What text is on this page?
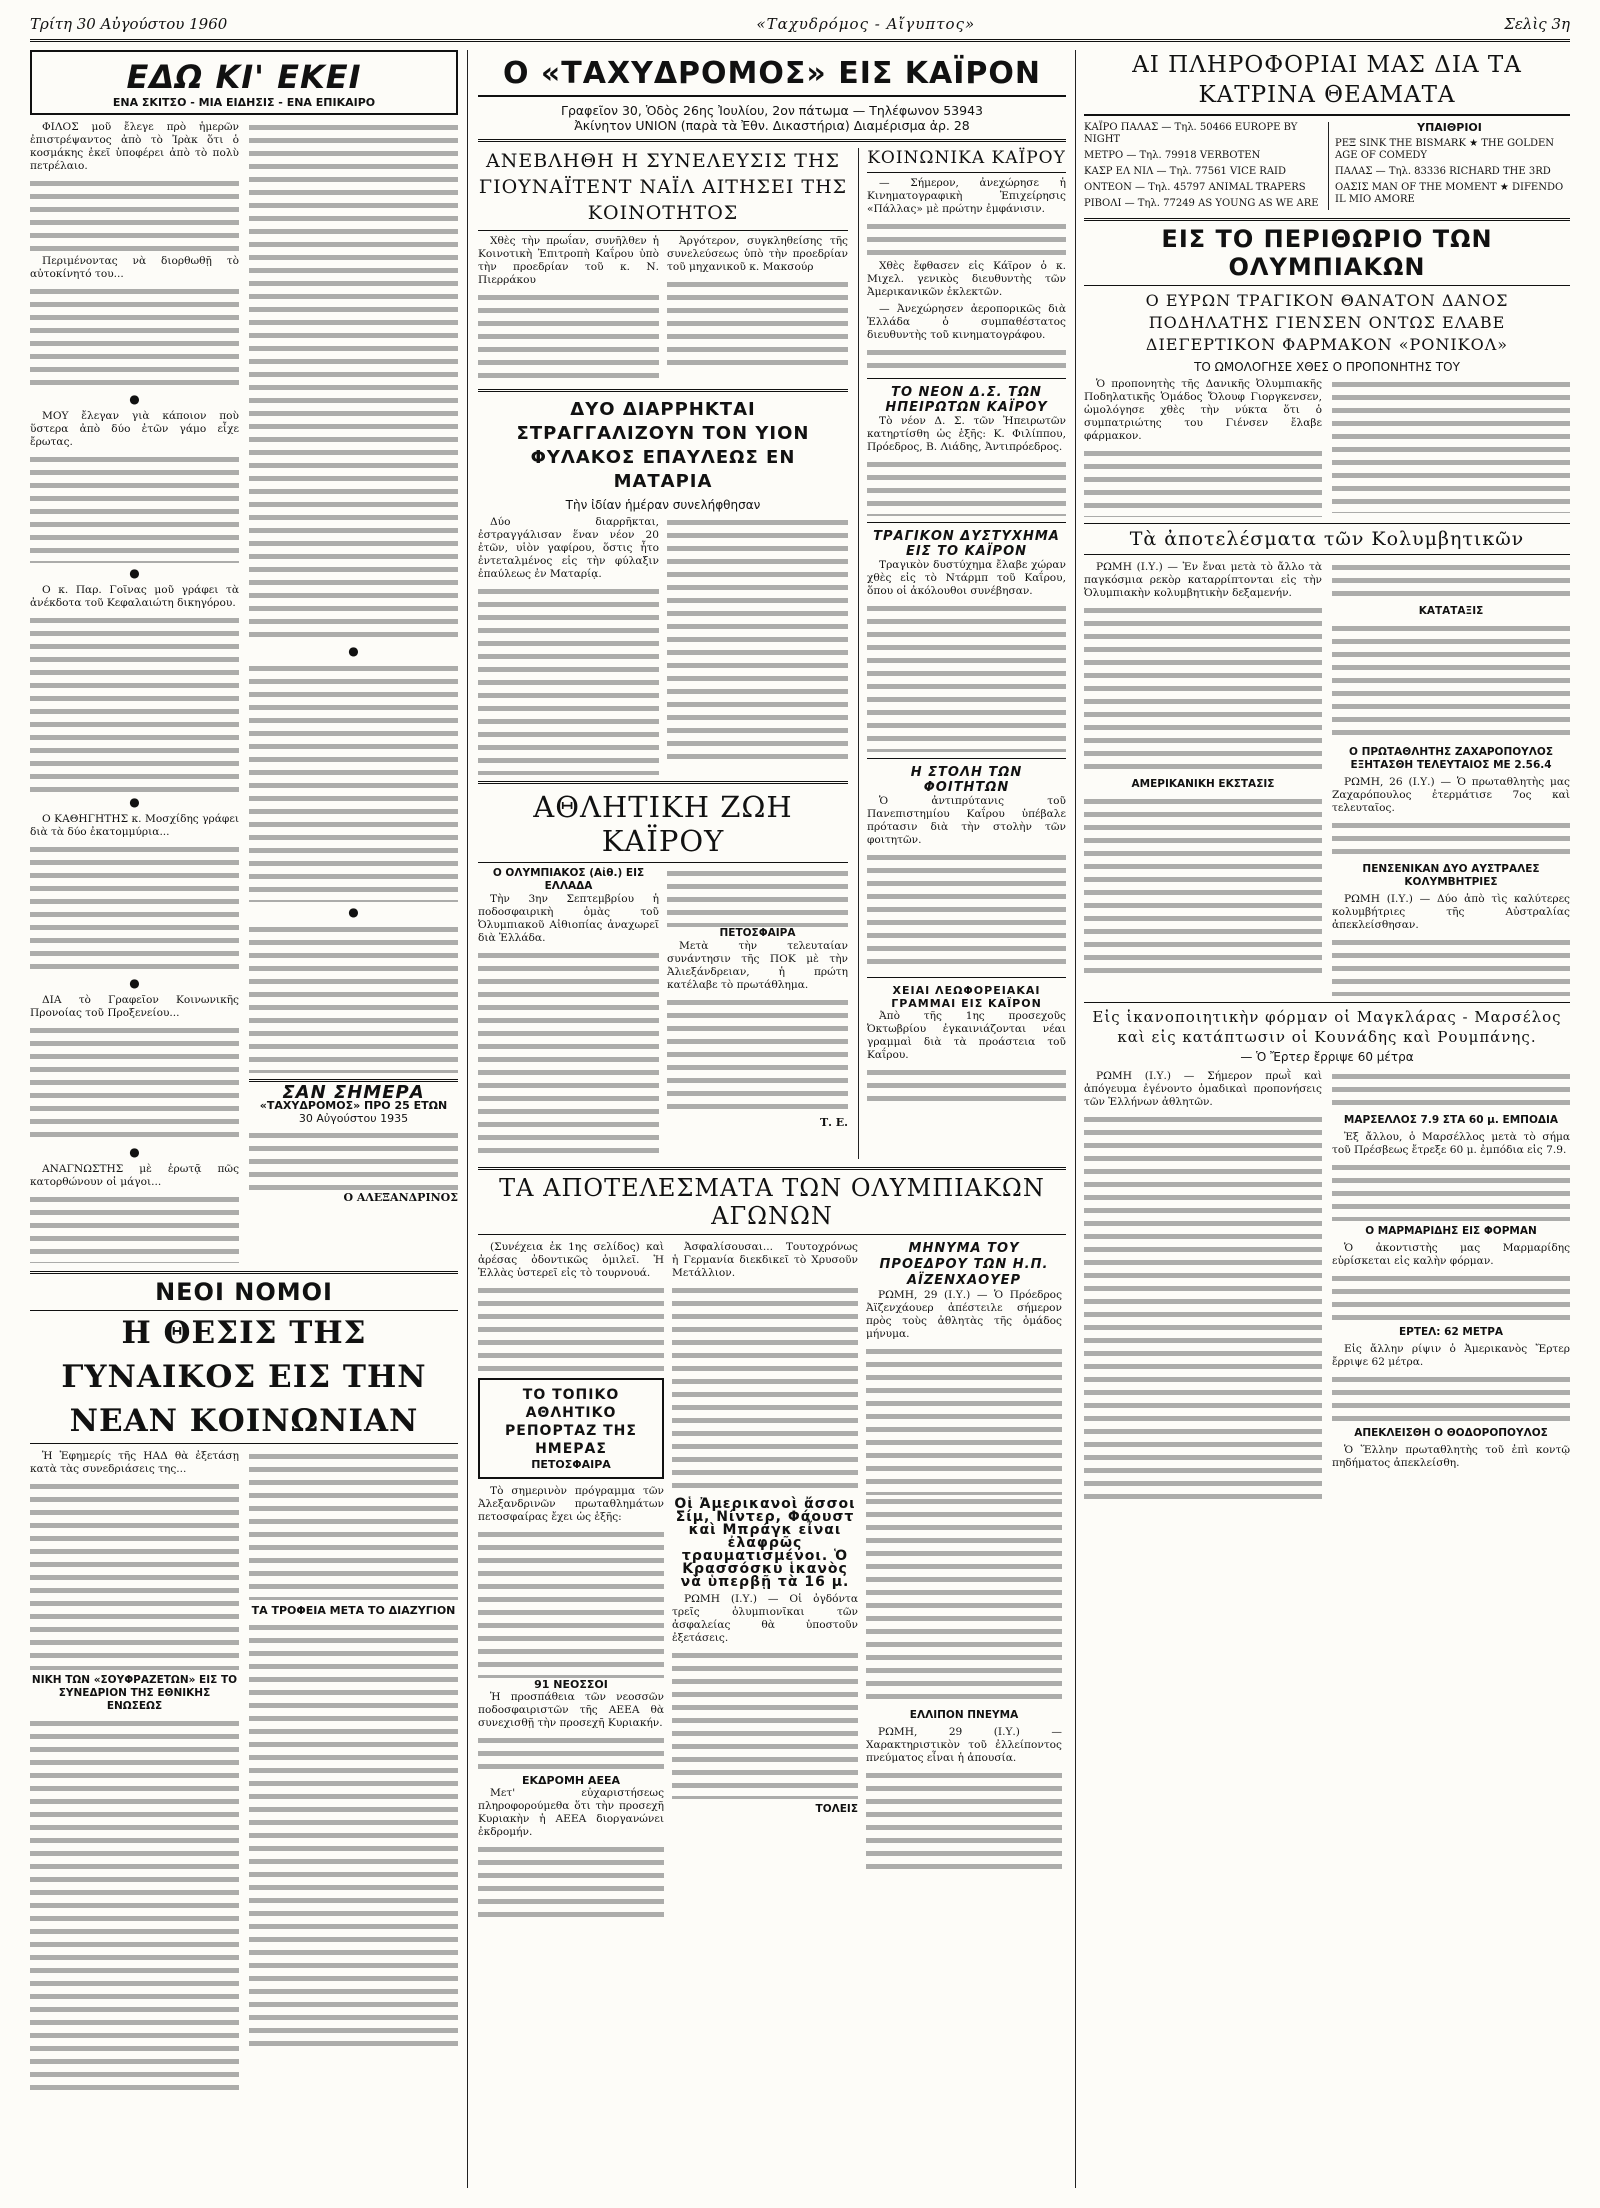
Τρίτη 30 Αὐγούστου 1960	«Ταχυδρόμος - Αἴγυπτος»	Σελὶς 3η
ΕΔΩ ΚΙ' ΕΚΕΙ
ΕΝΑ ΣΚΙΤΣΟ - ΜΙΑ ΕΙΔΗΣΙΣ - ΕΝΑ ΕΠΙΚΑΙΡΟ

ΦΙΛΟΣ μοῦ ἔλεγε πρὸ ἡμερῶν ἐπιστρέψαντος ἀπὸ τὸ Ἰρὰκ ὅτι ὁ κοσμάκης ἐκεῖ ὑποφέρει ἀπὸ τὸ πολὺ πετρέλαιο.

Περιμένοντας νὰ διορθωθῇ τὸ αὐτοκίνητό του...

●

ΜΟΥ ἔλεγαν γιὰ κάποιον ποὺ ὕστερα ἀπὸ δύο ἐτῶν γάμο εἶχε ἔρωτας.

●

Ο κ. Παρ. Γοῖνας μοῦ γράφει τὰ ἀνέκδοτα τοῦ Κεφαλαιώτη δικηγόρου.

●

Ο ΚΑΘΗΓΗΤΗΣ κ. Μοσχίδης γράφει διὰ τὰ δύο ἐκατομμύρια...

●

ΔΙΑ τὸ Γραφεῖον Κοινωνικῆς Προνοίας τοῦ Προξενείου...

●

ΑΝΑΓΝΩΣΤΗΣ μὲ ἐρωτᾷ πῶς κατορθώνουν οἱ μάγοι...

●
●
ΣΑΝ ΣΗΜΕΡΑ
«ΤΑΧΥΔΡΟΜΟΣ» ΠΡΟ 25 ΕΤΩΝ
30 Αὐγούστου 1935
Ο ΑΛΕΞΑΝΔΡΙΝΟΣ
ΝΕΟΙ ΝΟΜΟΙ
Η ΘΕΣΙΣ ΤΗΣ ΓΥΝΑΙΚΟΣ ΕΙΣ ΤΗΝ ΝΕΑΝ ΚΟΙΝΩΝΙΑΝ

Ἡ Ἐφημερίς τῆς ΗΑΔ θὰ ἐξετάσῃ κατὰ τὰς συνεδριάσεις της...

ΝΙΚΗ ΤΩΝ «ΣΟΥΦΡΑΖΕΤΩΝ» ΕΙΣ ΤΟ ΣΥΝΕΔΡΙΟΝ ΤΗΣ ΕΘΝΙΚΗΣ ΕΝΩΣΕΩΣ
ΤΑ ΤΡΟΦΕΙΑ ΜΕΤΑ ΤΟ ΔΙΑΖΥΓΙΟΝ
Ο «ΤΑΧΥΔΡΟΜΟΣ» ΕΙΣ ΚΑΪΡΟΝ
Γραφεῖον 30, Ὁδὸς 26ης Ἰουλίου, 2ον πάτωμα — Τηλέφωνον 53943
Ἀκίνητον UNION (παρὰ τὰ Ἐθν. Δικαστήρια) Διαμέρισμα ἀρ. 28
ΑΝΕΒΛΗΘΗ Η ΣΥΝΕΛΕΥΣΙΣ ΤΗΣ ΓΙΟΥΝΑΪΤΕΝΤ ΝΑΪΛ ΑΙΤΗΣΕΙ ΤΗΣ ΚΟΙΝΟΤΗΤΟΣ

Χθὲς τὴν πρωΐαν, συνῆλθεν ἡ Κοινοτικὴ Ἐπιτροπὴ Καΐρου ὑπὸ τὴν προεδρίαν τοῦ κ. Ν. Πιερράκου

Ἀργότερον, συγκληθείσης τῆς συνελεύσεως ὑπὸ τὴν προεδρίαν τοῦ μηχανικοῦ κ. Μακσούρ

ΔΥΟ ΔΙΑΡΡΗΚΤΑΙ ΣΤΡΑΓΓΑΛΙΖΟΥΝ ΤΟΝ ΥΙΟΝ ΦΥΛΑΚΟΣ ΕΠΑΥΛΕΩΣ ΕΝ ΜΑΤΑΡΙΑ
Τὴν ἰδίαν ἡμέραν συνελήφθησαν

Δύο διαρρῆκται, ἐστραγγάλισαν ἕναν νέον 20 ἐτῶν, υἱὸν γαφίρου, ὅστις ἦτο ἐντεταλμένος εἰς τὴν φύλαξιν ἐπαύλεως ἐν Ματαρίᾳ.

ΑΘΛΗΤΙΚΗ ΖΩΗ ΚΑΪΡΟΥ
Ο ΟΛΥΜΠΙΑΚΟΣ (Αἰθ.) ΕΙΣ ΕΛΛΑΔΑ

Τὴν 3ην Σεπτεμβρίου ἡ ποδοσφαιρικὴ ὁμὰς τοῦ Ὀλυμπιακοῦ Αἰθιοπίας ἀναχωρεῖ διὰ Ἑλλάδα.	ΠΕΤΟΣΦΑΙΡΑ

Μετὰ τὴν τελευταίαν συνάντησιν τῆς ΠΟΚ μὲ τὴν Ἀλιεξάνδρειαν, ἡ πρώτη κατέλαβε τὸ πρωτάθλημα.

Τ. Ε.
ΚΟΙΝΩΝΙΚΑ ΚΑΪΡΟΥ

— Σήμερον, ἀνεχώρησε ἡ Κινηματογραφικὴ Ἐπιχείρησις «Πάλλας» μὲ πρώτην ἐμφάνισιν.

Χθὲς ἔφθασεν εἰς Κάϊρον ὁ κ. Μιχελ. γενικὸς διευθυντὴς τῶν Ἀμερικανικῶν ἐκλεκτῶν.

— Ἀνεχώρησεν ἀεροπορικῶς διὰ Ἑλλάδα ὁ συμπαθέστατος διευθυντὴς τοῦ κινηματογράφου.

ΤΟ ΝΕΟΝ Δ.Σ. ΤΩΝ ΗΠΕΙΡΩΤΩΝ ΚΑΪΡΟΥ

Τὸ νέον Δ. Σ. τῶν Ἠπειρωτῶν κατηρτίσθη ὡς ἑξῆς: Κ. Φιλίππου, Πρόεδρος, Β. Λιάδης, Ἀντιπρόεδρος.

ΤΡΑΓΙΚΟΝ ΔΥΣΤΥΧΗΜΑ ΕΙΣ ΤΟ ΚΑΪΡΟΝ

Τραγικὸν δυστύχημα ἔλαβε χώραν χθὲς εἰς τὸ Ντάρμπ τοῦ Καΐρου, ὅπου οἱ ἀκόλουθοι συνέβησαν.

Η ΣΤΟΛΗ ΤΩΝ ΦΟΙΤΗΤΩΝ

Ὁ ἀντιπρύτανις τοῦ Πανεπιστημίου Καΐρου ὑπέβαλε πρότασιν διὰ τὴν στολὴν τῶν φοιτητῶν.

ΧΕΙΑΙ ΛΕΩΦΟΡΕΙΑΚΑΙ ΓΡΑΜΜΑΙ ΕΙΣ ΚΑΪΡΟΝ

Ἀπὸ τῆς 1ης προσεχοῦς Ὀκτωβρίου ἐγκαινιάζονται νέαι γραμμαὶ διὰ τὰ προάστεια τοῦ Καΐρου.

ΤΑ ΑΠΟΤΕΛΕΣΜΑΤΑ ΤΩΝ ΟΛΥΜΠΙΑΚΩΝ ΑΓΩΝΩΝ

(Συνέχεια ἐκ 1ης σελίδος) καὶ ἀρέσας ὀδοντικῶς ὁμιλεῖ. Ἡ Ἑλλὰς ὑστερεῖ εἰς τὸ τουρνουά.

ΤΟ ΤΟΠΙΚΟ ΑΘΛΗΤΙΚΟ ΡΕΠΟΡΤΑΖ ΤΗΣ ΗΜΕΡΑΣ
ΠΕΤΟΣΦΑΙΡΑ

Τὸ σημερινὸν πρόγραμμα τῶν Ἀλεξανδρινῶν πρωταθλημάτων πετοσφαίρας ἔχει ὡς ἑξῆς:

91 ΝΕΟΣΣΟΙ

Ἡ προσπάθεια τῶν νεοσσῶν ποδοσφαιριστῶν τῆς ΑΕΕΑ θὰ συνεχισθῇ τὴν προσεχῆ Κυριακήν.

ΕΚΔΡΟΜΗ ΑΕΕΑ

Μετ' εὐχαριστήσεως πληροφορούμεθα ὅτι τὴν προσεχῆ Κυριακὴν ἡ ΑΕΕΑ διοργανώνει ἐκδρομήν.

Ἀσφαλίσουσαι... Τουτοχρόνως ἡ Γερμανία διεκδικεῖ τὸ Χρυσοῦν Μετάλλιον.

Οἱ Ἀμερικανοὶ ἄσσοι Σίμ, Νίντερ, Φάουστ καὶ Μπράγκ εἶναι ἐλαφρῶς τραυματισμένοι. Ὁ Κρασσόσκυ ἱκανὸς νὰ ὑπερβῇ τὰ 16 μ.

ΡΩΜΗ (Ι.Υ.) — Οἱ ὀγδόντα τρεῖς ὀλυμπιονῖκαι τῶν ἀσφαλείας θὰ ὑποστοῦν ἐξετάσεις.

ΤΟΛΕΙΣ
ΜΗΝΥΜΑ ΤΟΥ ΠΡΟΕΔΡΟΥ ΤΩΝ Η.Π. ΑΪΖΕΝΧΑΟΥΕΡ

ΡΩΜΗ, 29 (Ι.Υ.) — Ὁ Πρόεδρος Ἀϊζενχάουερ ἀπέστειλε σήμερον πρὸς τοὺς ἀθλητὰς τῆς ὁμάδος μήνυμα.

ΕΛΛΙΠΟΝ ΠΝΕΥΜΑ

ΡΩΜΗ, 29 (Ι.Υ.) — Χαρακτηριστικὸν τοῦ ἐλλείποντος πνεύματος εἶναι ἡ ἀπουσία.

ΑΙ ΠΛΗΡΟΦΟΡΙΑΙ ΜΑΣ ΔΙΑ ΤΑ ΚΑΤΡΙΝΑ ΘΕΑΜΑΤΑ
ΚΑΪΡΟ ΠΑΛΑΣ — Τηλ. 50466 EUROPE BY NIGHT
ΜΕΤΡΟ — Τηλ. 79918 VERBOTEN
ΚΑΣΡ ΕΛ ΝΙΛ — Τηλ. 77561 VICE RAID
ΟΝΤΕΟΝ — Τηλ. 45797 ANIMAL TRAPERS
ΡΙΒΟΛΙ — Τηλ. 77249 AS YOUNG AS WE ARE
ΥΠΑΙΘΡΙΟΙ
ΡΕΞ SINK THE BISMARK ★ THE GOLDEN AGE OF COMEDY
ΠΑΛΑΣ — Τηλ. 83336 RICHARD THE 3RD
ΟΑΣΙΣ MAN OF THE MOMENT ★ DIFENDO IL MIO AMORE
ΕΙΣ ΤΟ ΠΕΡΙΘΩΡΙΟ ΤΩΝ ΟΛΥΜΠΙΑΚΩΝ
Ο ΕΥΡΩΝ ΤΡΑΓΙΚΟΝ ΘΑΝΑΤΟΝ ΔΑΝΟΣ ΠΟΔΗΛΑΤΗΣ ΓΙΕΝΣΕΝ ΟΝΤΩΣ ΕΛΑΒΕ ΔΙΕΓΕΡΤΙΚΟΝ ΦΑΡΜΑΚΟΝ «ΡΟΝΙΚΟΛ»
ΤΟ ΩΜΟΛΟΓΗΣΕ ΧΘΕΣ Ο ΠΡΟΠΟΝΗΤΗΣ ΤΟΥ

Ὁ προπονητὴς τῆς Δανικῆς Ὀλυμπιακῆς Ποδηλατικῆς Ὁμάδος Ὄλουφ Γιοργκενσεν, ὡμολόγησε χθὲς τὴν νύκτα ὅτι ὁ συμπατριώτης του Γιένσεν ἔλαβε φάρμακον.

Τὰ ἀποτελέσματα τῶν Κολυμβητικῶν

ΡΩΜΗ (Ι.Υ.) — Ἐν ἔναι μετὰ τὸ ἄλλο τὰ παγκόσμια ρεκὸρ καταρρίπτονται εἰς τὴν Ὀλυμπιακὴν κολυμβητικὴν δεξαμενήν.

ΑΜΕΡΙΚΑΝΙΚΗ ΕΚΣΤΑΣΙΣ
ΚΑΤΑΤΑΞΙΣ
Ο ΠΡΩΤΑΘΛΗΤΗΣ ΖΑΧΑΡΟΠΟΥΛΟΣ ΕΞΗΤΑΣΘΗ ΤΕΛΕΥΤΑΙΟΣ ΜΕ 2.56.4

ΡΩΜΗ, 26 (Ι.Υ.) — Ὁ πρωταθλητὴς μας Ζαχαρόπουλος ἐτερμάτισε 7ος καὶ τελευταῖος.

ΠΕΝΣΕΝΙΚΑΝ ΔΥΟ ΑΥΣΤΡΑΛΕΣ ΚΟΛΥΜΒΗΤΡΙΕΣ

ΡΩΜΗ (Ι.Υ.) — Δύο ἀπὸ τὶς καλύτερες κολυμβήτριες τῆς Αὐστραλίας ἀπεκλείσθησαν.

Εἰς ἱκανοποιητικὴν φόρμαν οἱ Μαγκλάρας - Μαρσέλος καὶ εἰς κατάπτωσιν οἱ Κουνάδης καὶ Ρουμπάνης.
— Ὁ Ἔρτερ ἔρριψε 60 μέτρα

ΡΩΜΗ (Ι.Υ.) — Σήμερον πρωῒ καὶ ἀπόγευμα ἐγένοντο ὁμαδικαὶ προπονήσεις τῶν Ἑλλήνων ἀθλητῶν.

ΜΑΡΣΕΛΛΟΣ 7.9 ΣΤΑ 60 μ. ΕΜΠΟΔΙΑ

Ἐξ ἄλλου, ὁ Μαρσέλλος μετὰ τὸ σήμα τοῦ Πρέσβεως ἔτρεξε 60 μ. ἐμπόδια εἰς 7.9.

Ο ΜΑΡΜΑΡΙΔΗΣ ΕΙΣ ΦΟΡΜΑΝ

Ὁ ἀκοντιστὴς μας Μαρμαρίδης εὑρίσκεται εἰς καλὴν φόρμαν.

ΕΡΤΕΛ: 62 ΜΕΤΡΑ

Εἰς ἄλλην ρίψιν ὁ Ἀμερικανὸς Ἔρτερ ἔρριψε 62 μέτρα.

ΑΠΕΚΛΕΙΣΘΗ Ο ΘΟΔΟΡΟΠΟΥΛΟΣ

Ὁ Ἕλλην πρωταθλητὴς τοῦ ἐπὶ κοντῷ πηδήματος ἀπεκλείσθη.
